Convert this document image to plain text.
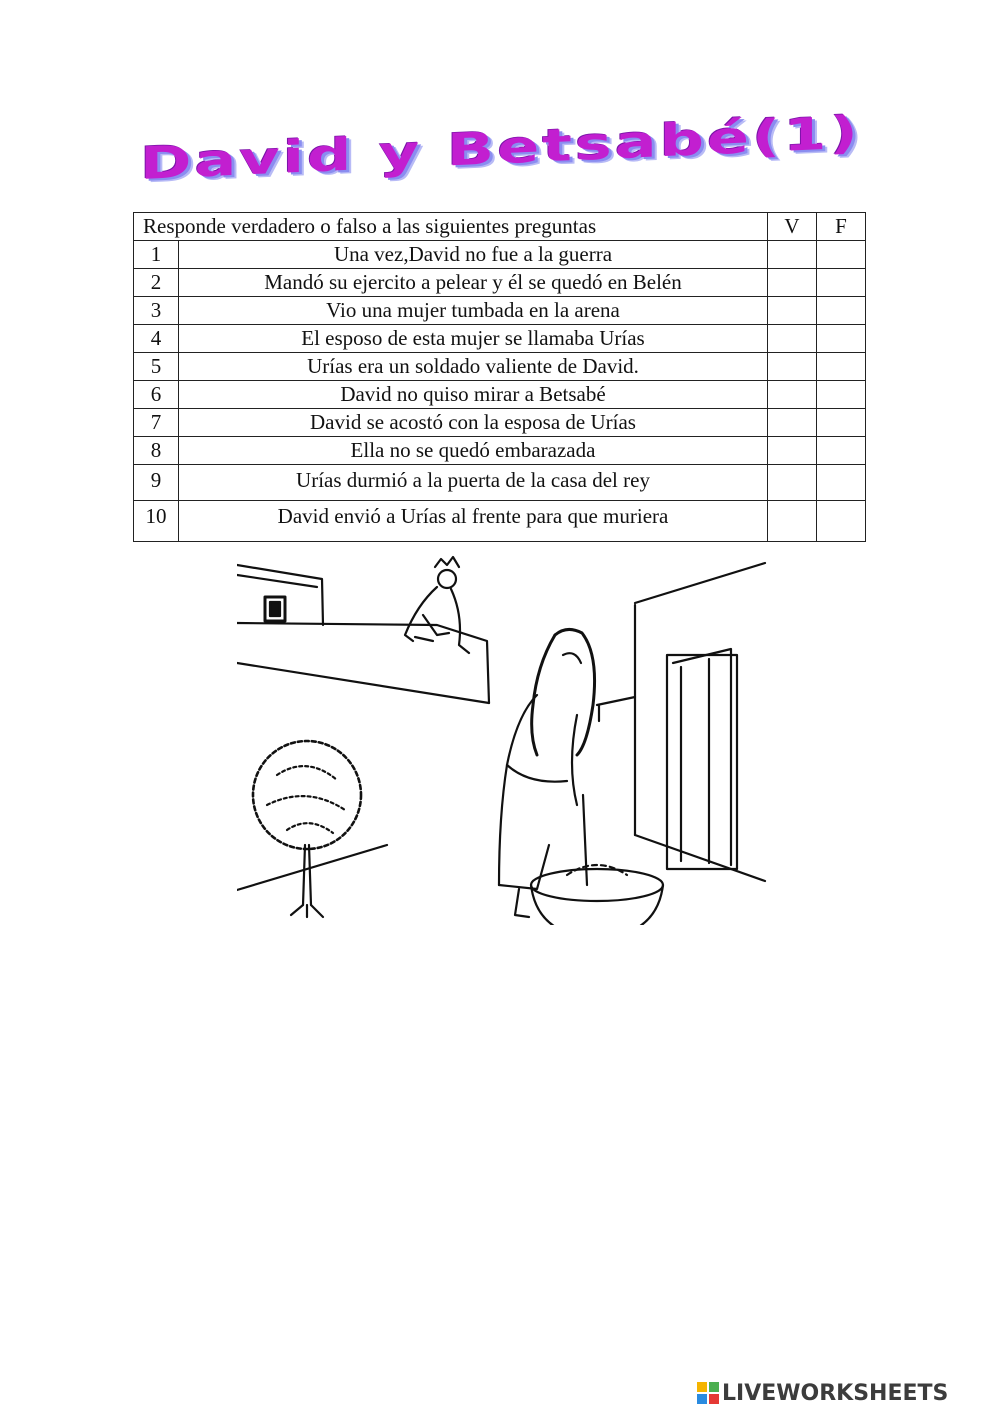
David y Betsabé(1)
Responde verdadero o falso a las siguientes preguntas		V	F
1	Una vez,David no fue a la guerra		
2	Mandó su ejercito a pelear y él se quedó en Belén		
3	Vio una mujer tumbada en la arena		
4	El esposo de esta mujer se llamaba Urías		
5	Urías era un soldado valiente de David.		
6	David no quiso mirar a Betsabé		
7	David se acostó con la esposa de Urías		
8	Ella no se quedó embarazada		
9	Urías durmió a la puerta de la casa del rey		
10	David envió a Urías al frente para que muriera		
LIVEWORKSHEETS
